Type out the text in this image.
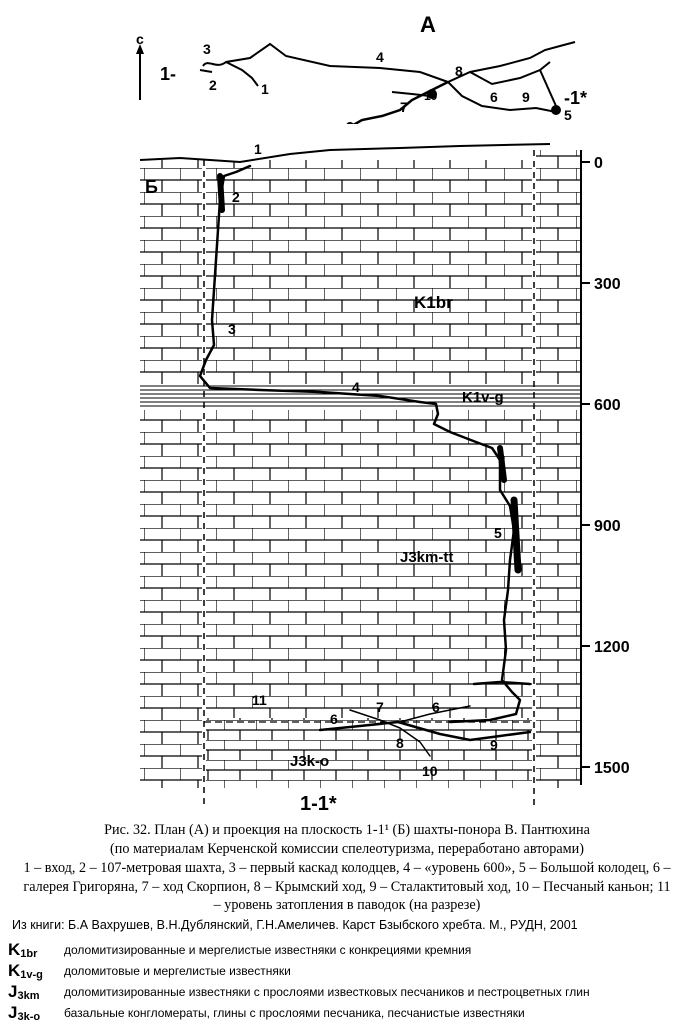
А
с
1-
-1*
3
2	1
4
8
10
7
6 9
5
0
300
600
900
1200
1500
Б
K1br
K1v-g
J3km-tt
J3k-o
1
2
3
4
5
11	7
6
6
8	9
10
1-1*
Рис. 32. План (А) и проекция на плоскость 1-1¹ (Б) шахты-понора В. Пантюхина
(по материалам Керченской комиссии спелеотуризма, переработано авторами)
1 – вход, 2 – 107-метровая шахта, 3 – первый каскад колодцев, 4 – «уровень 600», 5 – Большой колодец, 6 – галерея Григоряна, 7 – ход Скорпион, 8 – Крымский ход, 9 – Сталактитовый ход, 10 – Песчаный каньон; 11 – уровень затопления в паводок (на разрезе)
Из книги: Б.А Вахрушев, В.Н.Дублянский, Г.Н.Амеличев. Карст Бзыбского хребта. М., РУДН, 2001
$K_{1br}$ доломитизированные и мергелистые известняки с конкрециями кремния
$K_{1v-g}$ доломитовые и мергелистые известняки
$J_{3km}$ доломитизированные известняки с прослоями известковых песчаников и пестроцветных глин
$J_{3k-o}$ базальные конгломераты, глины с прослоями песчаника, песчанистые известняки
